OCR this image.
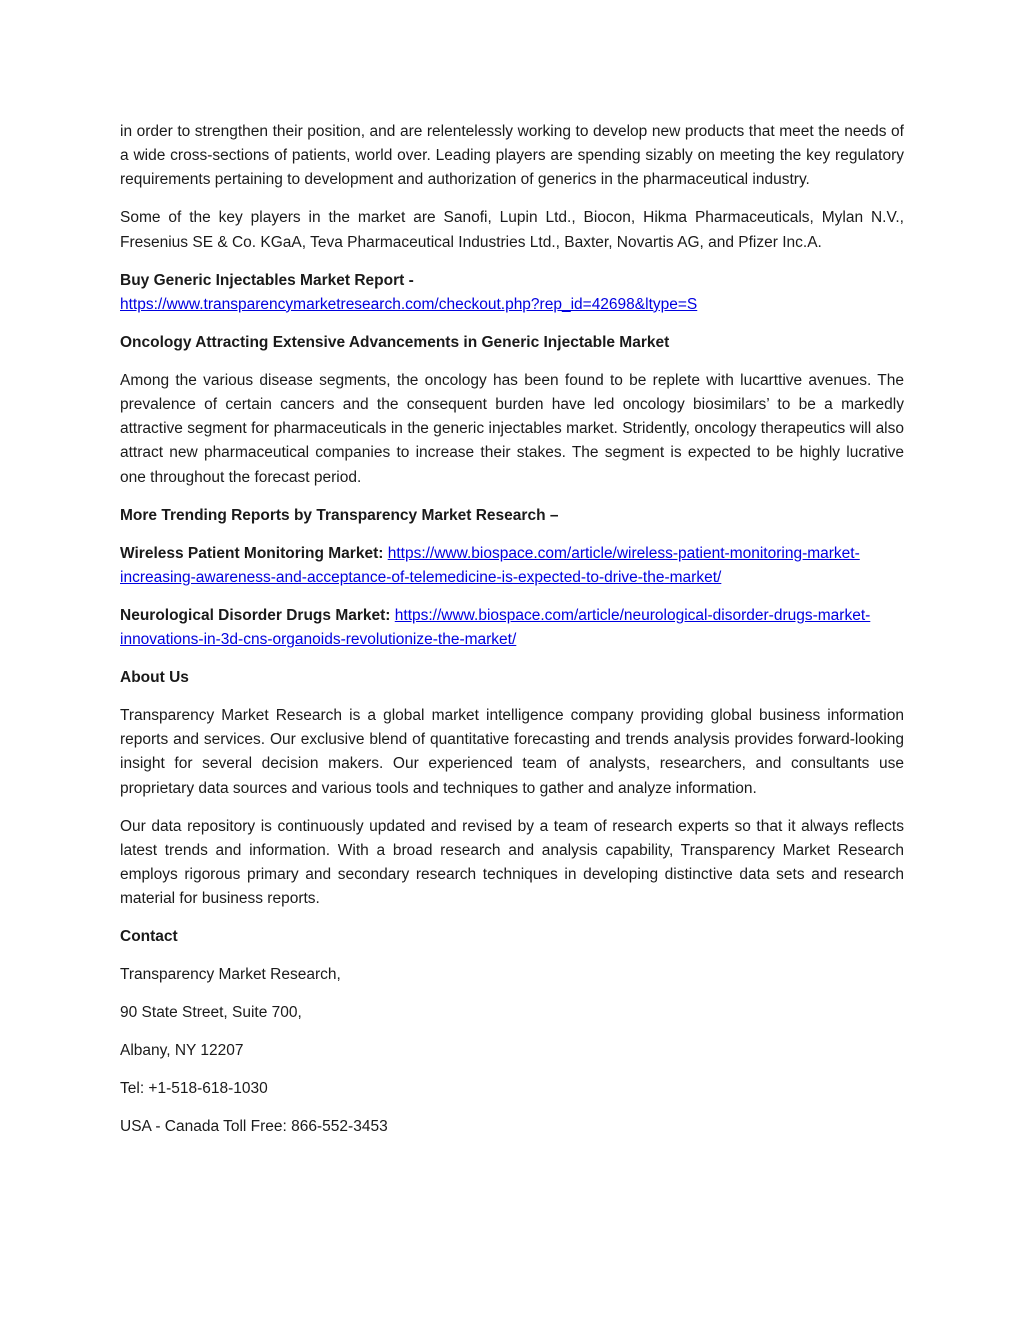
in order to strengthen their position, and are relentelessly working to develop new products that meet the needs of a wide cross-sections of patients, world over. Leading players are spending sizably on meeting the key regulatory requirements pertaining to development and authorization of generics in the pharmaceutical industry.

Some of the key players in the market are Sanofi, Lupin Ltd., Biocon, Hikma Pharmaceuticals, Mylan N.V., Fresenius SE & Co. KGaA, Teva Pharmaceutical Industries Ltd., Baxter, Novartis AG, and Pfizer Inc.A.

Buy Generic Injectables Market Report -
https://www.transparencymarketresearch.com/checkout.php?rep_id=42698&ltype=S

Oncology Attracting Extensive Advancements in Generic Injectable Market

Among the various disease segments, the oncology has been found to be replete with lucarttive avenues. The prevalence of certain cancers and the consequent burden have led oncology biosimilars’ to be a markedly attractive segment for pharmaceuticals in the generic injectables market. Stridently, oncology therapeutics will also attract new pharmaceutical companies to increase their stakes. The segment is expected to be highly lucrative one throughout the forecast period.

More Trending Reports by Transparency Market Research –

Wireless Patient Monitoring Market: https://www.biospace.com/article/wireless-patient-monitoring-market-increasing-awareness-and-acceptance-of-telemedicine-is-expected-to-drive-the-market/

Neurological Disorder Drugs Market: https://www.biospace.com/article/neurological-disorder-drugs-market-innovations-in-3d-cns-organoids-revolutionize-the-market/

About Us

Transparency Market Research is a global market intelligence company providing global business information reports and services. Our exclusive blend of quantitative forecasting and trends analysis provides forward-looking insight for several decision makers. Our experienced team of analysts, researchers, and consultants use proprietary data sources and various tools and techniques to gather and analyze information.

Our data repository is continuously updated and revised by a team of research experts so that it always reflects latest trends and information. With a broad research and analysis capability, Transparency Market Research employs rigorous primary and secondary research techniques in developing distinctive data sets and research material for business reports.

Contact

Transparency Market Research,

90 State Street, Suite 700,

Albany, NY 12207

Tel: +1-518-618-1030

USA - Canada Toll Free: 866-552-3453
